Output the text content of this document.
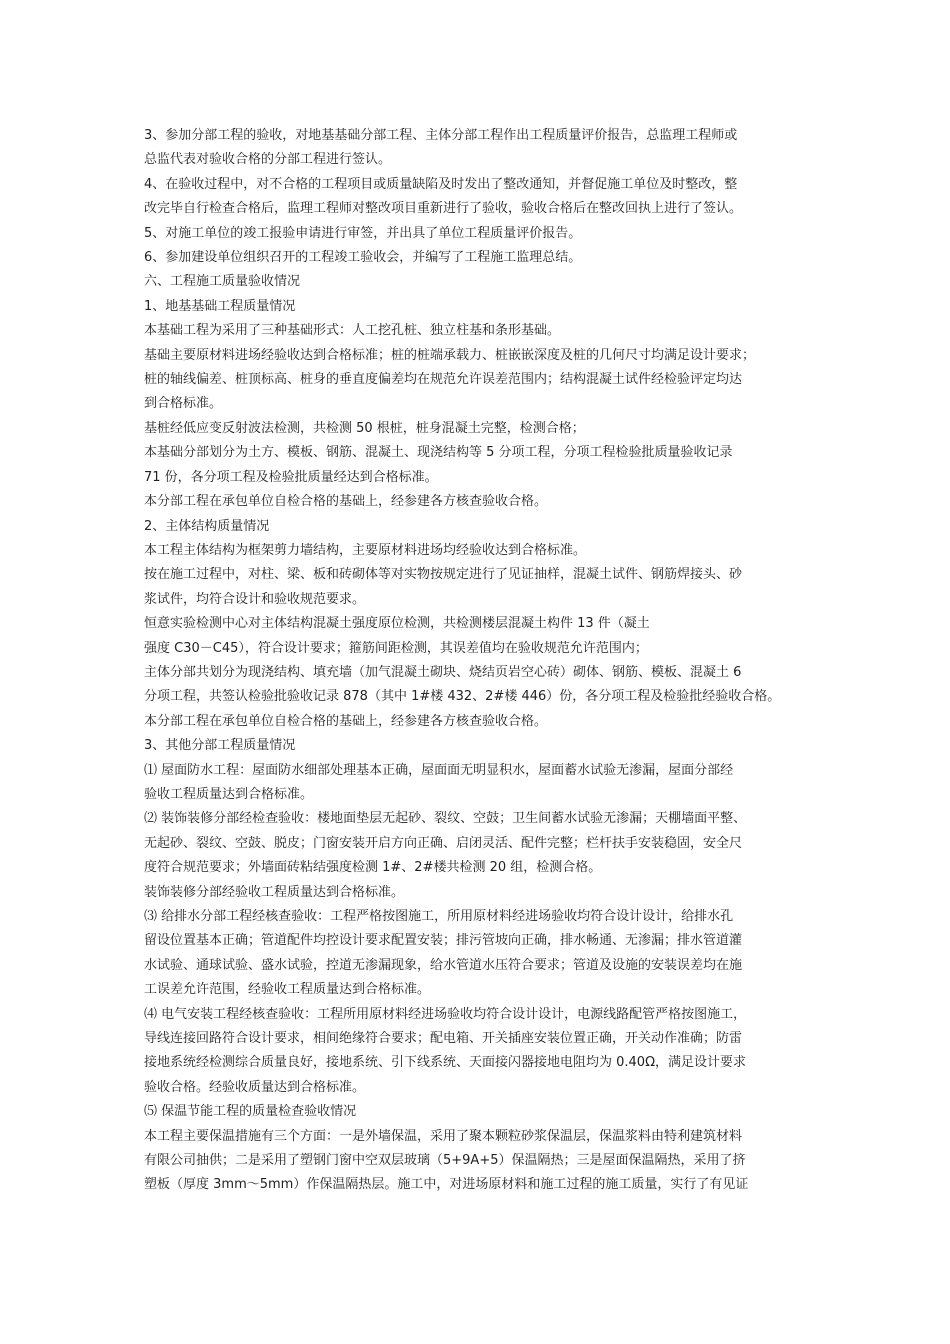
3、参加分部工程的验收，对地基基础分部工程、主体分部工程作出工程质量评价报告，总监理工程师或

总监代表对验收合格的分部工程进行签认。

4、在验收过程中，对不合格的工程项目或质量缺陷及时发出了整改通知，并督促施工单位及时整改，整

改完毕自行检查合格后，监理工程师对整改项目重新进行了验收，验收合格后在整改回执上进行了签认。

5、对施工单位的竣工报验申请进行审签，并出具了单位工程质量评价报告。

6、参加建设单位组织召开的工程竣工验收会，并编写了工程施工监理总结。

六、工程施工质量验收情况

1、地基基础工程质量情况

本基础工程为采用了三种基础形式：人工挖孔桩、独立柱基和条形基础。

基础主要原材料进场经验收达到合格标准；桩的桩端承载力、桩嵌嵌深度及桩的几何尺寸均满足设计要求；

桩的轴线偏差、桩顶标高、桩身的垂直度偏差均在规范允许误差范围内；结构混凝土试件经检验评定均达

到合格标准。

基桩经低应变反射波法检测，共检测 50 根桩，桩身混凝土完整，检测合格；

本基础分部划分为土方、模板、钢筋、混凝土、现浇结构等 5 分项工程，分项工程检验批质量验收记录

71 份，各分项工程及检验批质量经达到合格标准。

本分部工程在承包单位自检合格的基础上，经参建各方核查验收合格。

2、主体结构质量情况

本工程主体结构为框架剪力墙结构，主要原材料进场均经验收达到合格标准。

按在施工过程中，对柱、梁、板和砖砌体等对实物按规定进行了见证抽样，混凝土试件、钢筋焊接头、砂

浆试件，均符合设计和验收规范要求。

恒意实验检测中心对主体结构混凝土强度原位检测，共检测楼层混凝土构件 13 件（凝土

强度 C30－C45），符合设计要求；箍筋间距检测，其误差值均在验收规范允许范围内；

主体分部共划分为现浇结构、填充墙（加气混凝土砌块、烧结页岩空心砖）砌体、钢筋、模板、混凝土 6

分项工程，共签认检验批验收记录 878（其中 1#楼 432、2#楼 446）份，各分项工程及检验批经验收合格。

本分部工程在承包单位自检合格的基础上，经参建各方核查验收合格。

3、其他分部工程质量情况

⑴ 屋面防水工程：屋面防水细部处理基本正确，屋面面无明显积水，屋面蓄水试验无渗漏，屋面分部经

验收工程质量达到合格标准。

⑵ 装饰装修分部经检查验收：楼地面垫层无起砂、裂纹、空鼓；卫生间蓄水试验无渗漏；天棚墙面平整、

无起砂、裂纹、空鼓、脱皮；门窗安装开启方向正确、启闭灵活、配件完整；栏杆扶手安装稳固，安全尺

度符合规范要求；外墙面砖粘结强度检测 1#、2#楼共检测 20 组，检测合格。

装饰装修分部经验收工程质量达到合格标准。

⑶ 给排水分部工程经核查验收：工程严格按图施工，所用原材料经进场验收均符合设计设计，给排水孔

留设位置基本正确；管道配件均控设计要求配置安装；排污管坡向正确，排水畅通、无渗漏；排水管道灌

水试验、通球试验、盛水试验，控道无渗漏现象，给水管道水压符合要求；管道及设施的安装误差均在施

工误差允许范围，经验收工程质量达到合格标准。

⑷ 电气安装工程经核查验收：工程所用原材料经进场验收均符合设计设计，电源线路配管严格按图施工，

导线连接回路符合设计要求，相间绝缘符合要求；配电箱、开关插座安装位置正确，开关动作准确；防雷

接地系统经检测综合质量良好，接地系统、引下线系统、天面接闪器接地电阻均为 0.40Ω，满足设计要求

验收合格。经验收质量达到合格标准。

⑸ 保温节能工程的质量检查验收情况

本工程主要保温措施有三个方面：一是外墙保温，采用了聚本颗粒砂浆保温层，保温浆料由特利建筑材料

有限公司抽供；二是采用了塑钢门窗中空双层玻璃（5+9A+5）保温隔热；三是屋面保温隔热，采用了挤

塑板（厚度 3mm～5mm）作保温隔热层。施工中，对进场原材料和施工过程的施工质量，实行了有见证
